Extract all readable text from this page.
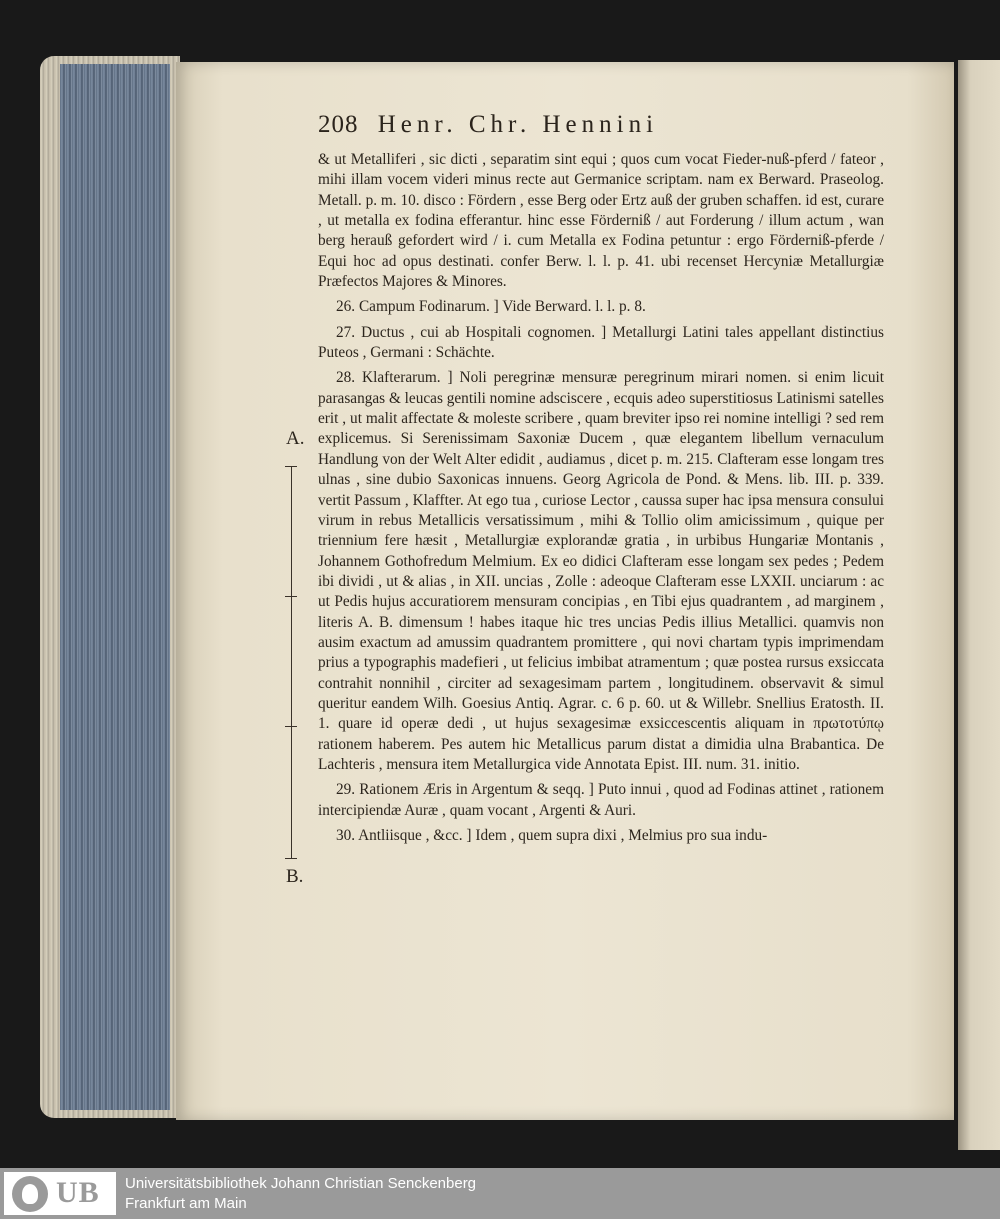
208 Henr. Chr. Hennini

& ut Metalliferi , sic dicti , separatim sint equi ; quos cum vocat Fieder-nuß-pferd / fateor , mihi illam vocem videri minus recte aut Germanice scriptam. nam ex Berward. Praseolog. Metall. p. m. 10. disco : Fördern , esse Berg oder Ertz auß der gruben schaffen. id est, curare , ut metalla ex fodina efferantur. hinc esse Förderniß / aut Forderung / illum actum , wan berg herauß gefordert wird / i. cum Metalla ex Fodina petuntur : ergo Förderniß-pferde / Equi hoc ad opus destinati. confer Berw. l. l. p. 41. ubi recenset Hercyniæ Metallurgiæ Præfectos Majores & Minores.

26. Campum Fodinarum. ] Vide Berward. l. l. p. 8.

27. Ductus , cui ab Hospitali cognomen. ] Metallurgi Latini tales appellant distinctius Puteos , Germani : Schächte.

28. Klafterarum. ] Noli peregrinæ mensuræ peregrinum mirari nomen. si enim licuit parasangas & leucas gentili nomine adsciscere , ecquis adeo superstitiosus Latinismi satelles erit , ut malit affectate & moleste scribere , quam breviter ipso rei nomine intelligi ? sed rem explicemus. Si Serenissimam Saxoniæ Ducem , quæ elegantem libellum vernaculum Handlung von der Welt Alter edidit , audiamus , dicet p. m. 215. Clafteram esse longam tres ulnas , sine dubio Saxonicas innuens. Georg Agricola de Pond. & Mens. lib. III. p. 339. vertit Passum , Klaffter. At ego tua , curiose Lector , caussa super hac ipsa mensura consului virum in rebus Metallicis versatissimum , mihi & Tollio olim amicissimum , quique per triennium fere hæsit , Metallurgiæ explorandæ gratia , in urbibus Hungariæ Montanis , Johannem Gothofredum Melmium. Ex eo didici Clafteram esse longam sex pedes ; Pedem ibi dividi , ut & alias , in XII. uncias , Zolle : adeoque Clafteram esse LXXII. unciarum : ac ut Pedis hujus accuratiorem mensuram concipias , en Tibi ejus quadrantem , ad marginem , literis A. B. dimensum ! habes itaque hic tres uncias Pedis illius Metallici. quamvis non ausim exactum ad amussim quadrantem promittere , qui novi chartam typis imprimendam prius a typographis madefieri , ut felicius imbibat atramentum ; quæ postea rursus exsiccata contrahit nonnihil , circiter ad sexagesimam partem , longitudinem. observavit & simul queritur eandem Wilh. Goesius Antiq. Agrar. c. 6 p. 60. ut & Willebr. Snellius Eratosth. II. 1. quare id operæ dedi , ut hujus sexagesimæ exsiccescentis aliquam in πρωτοτύπῳ rationem haberem. Pes autem hic Metallicus parum distat a dimidia ulna Brabantica. De Lachteris , mensura item Metallurgica vide Annotata Epist. III. num. 31. initio.

29. Rationem Æris in Argentum & seqq. ] Puto innui , quod ad Fodinas attinet , rationem intercipiendæ Auræ , quam vocant , Argenti & Auri.

30. Antliisque , &cc. ] Idem , quem supra dixi , Melmius pro sua indu-

A.
B.
UB Universitätsbibliothek Johann Christian Senckenberg
Frankfurt am Main
